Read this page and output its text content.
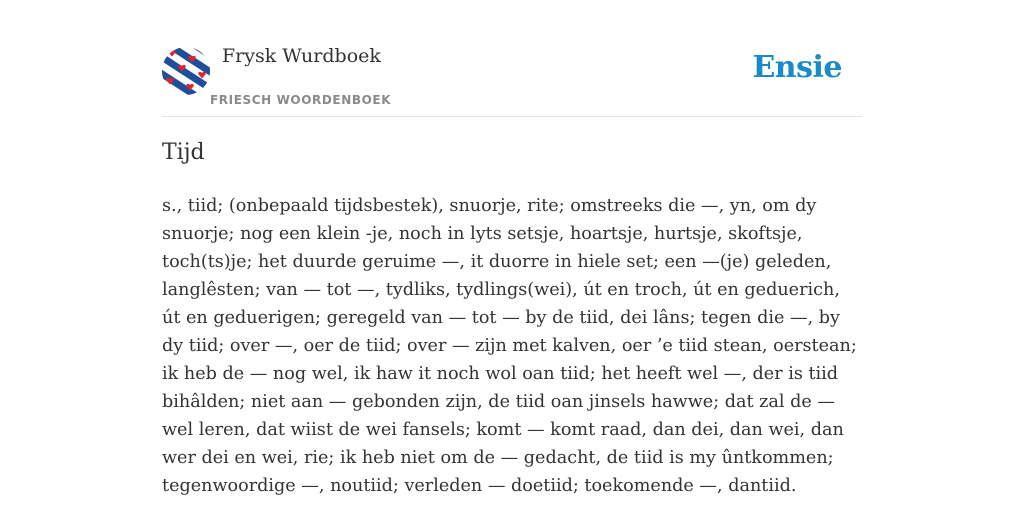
Frysk Wurdboek
FRIESCH WOORDENBOEK
Ensie
Tijd

s., tiid; (onbepaald tijdsbestek), snuorje, rite; omstreeks die —, yn, om dy snuorje; nog een klein -je, noch in lyts setsje, hoartsje, hurtsje, skoftsje, toch(ts)je; het duurde geruime —, it duorre in hiele set; een —(je) geleden, langlêsten; van — tot —, tydliks, tydlings(wei), út en troch, út en geduerich, út en geduerigen; geregeld van — tot — by de tiid, dei lâns; tegen die —, by dy tiid; over —, oer de tiid; over — zijn met kalven, oer ’e tiid stean, oerstean; ik heb de — nog wel, ik haw it noch wol oan tiid; het heeft wel —, der is tiid bihâlden; niet aan — gebonden zijn, de tiid oan jinsels hawwe; dat zal de — wel leren, dat wiist de wei fansels; komt — komt raad, dan dei, dan wei, dan wer dei en wei, rie; ik heb niet om de — gedacht, de tiid is my ûntkommen; tegenwoordige —, noutiid; verleden — doetiid; toekomende —, dantiid.
